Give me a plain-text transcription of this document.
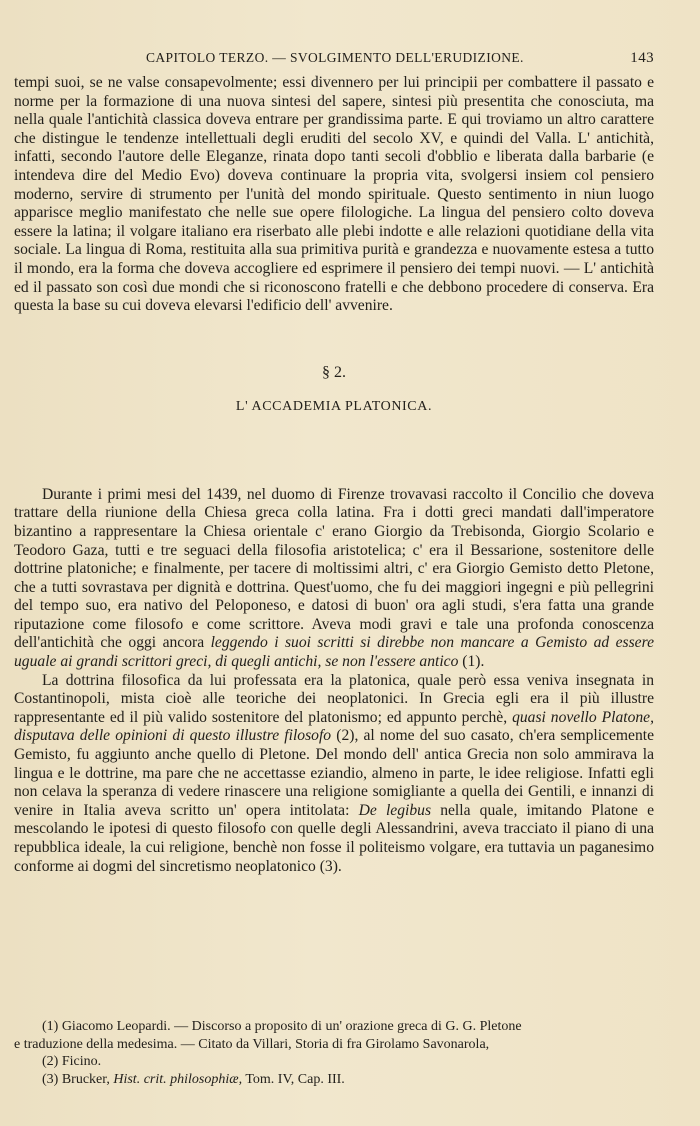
CAPITOLO TERZO. — SVOLGIMENTO DELL'ERUDIZIONE.	143

tempi suoi, se ne valse consapevolmente; essi divennero per lui principii per combattere il passato e norme per la formazione di una nuova sintesi del sapere, sintesi più presentita che conosciuta, ma nella quale l'antichità classica doveva entrare per grandissima parte. E qui troviamo un altro carattere che distingue le tendenze intellettuali degli eruditi del secolo XV, e quindi del Valla. L' antichità, infatti, secondo l'autore delle Eleganze, rinata dopo tanti secoli d'obblio e liberata dalla barbarie (e intendeva dire del Medio Evo) doveva continuare la propria vita, svolgersi insiem col pensiero moderno, servire di strumento per l'unità del mondo spirituale. Questo sentimento in niun luogo apparisce meglio manifestato che nelle sue opere filologiche. La lingua del pensiero colto doveva essere la latina; il volgare italiano era riserbato alle plebi indotte e alle relazioni quotidiane della vita sociale. La lingua di Roma, restituita alla sua primitiva purità e grandezza e nuovamente estesa a tutto il mondo, era la forma che doveva accogliere ed esprimere il pensiero dei tempi nuovi. — L' antichità ed il passato son così due mondi che si riconoscono fratelli e che debbono procedere di conserva. Era questa la base su cui doveva elevarsi l'edificio dell' avvenire.

§ 2.
L' ACCADEMIA PLATONICA.

Durante i primi mesi del 1439, nel duomo di Firenze trovavasi raccolto il Concilio che doveva trattare della riunione della Chiesa greca colla latina. Fra i dotti greci mandati dall'imperatore bizantino a rappresentare la Chiesa orientale c' erano Giorgio da Trebisonda, Giorgio Scolario e Teodoro Gaza, tutti e tre seguaci della filosofia aristotelica; c' era il Bessarione, sostenitore delle dottrine platoniche; e finalmente, per tacere di moltissimi altri, c' era Giorgio Gemisto detto Pletone, che a tutti sovrastava per dignità e dottrina. Quest'uomo, che fu dei maggiori ingegni e più pellegrini del tempo suo, era nativo del Peloponeso, e datosi di buon' ora agli studi, s'era fatta una grande riputazione come filosofo e come scrittore. Aveva modi gravi e tale una profonda conoscenza dell'antichità che oggi ancora leggendo i suoi scritti si direbbe non mancare a Gemisto ad essere uguale ai grandi scrittori greci, di quegli antichi, se non l'essere antico (1).

La dottrina filosofica da lui professata era la platonica, quale però essa veniva insegnata in Costantinopoli, mista cioè alle teoriche dei neoplatonici. In Grecia egli era il più illustre rappresentante ed il più valido sostenitore del platonismo; ed appunto perchè, quasi novello Platone, disputava delle opinioni di questo illustre filosofo (2), al nome del suo casato, ch'era semplicemente Gemisto, fu aggiunto anche quello di Pletone. Del mondo dell' antica Grecia non solo ammirava la lingua e le dottrine, ma pare che ne accettasse eziandio, almeno in parte, le idee religiose. Infatti egli non celava la speranza di vedere rinascere una religione somigliante a quella dei Gentili, e innanzi di venire in Italia aveva scritto un' opera intitolata: De legibus nella quale, imitando Platone e mescolando le ipotesi di questo filosofo con quelle degli Alessandrini, aveva tracciato il piano di una repubblica ideale, la cui religione, benchè non fosse il politeismo volgare, era tuttavia un paganesimo conforme ai dogmi del sincretismo neoplatonico (3).

(1) Giacomo Leopardi. — Discorso a proposito di un' orazione greca di G. G. Pletone
e traduzione della medesima. — Citato da Villari, Storia di fra Girolamo Savonarola,
(2) Ficino.
(3) Brucker, Hist. crit. philosophiæ, Tom. IV, Cap. III.
